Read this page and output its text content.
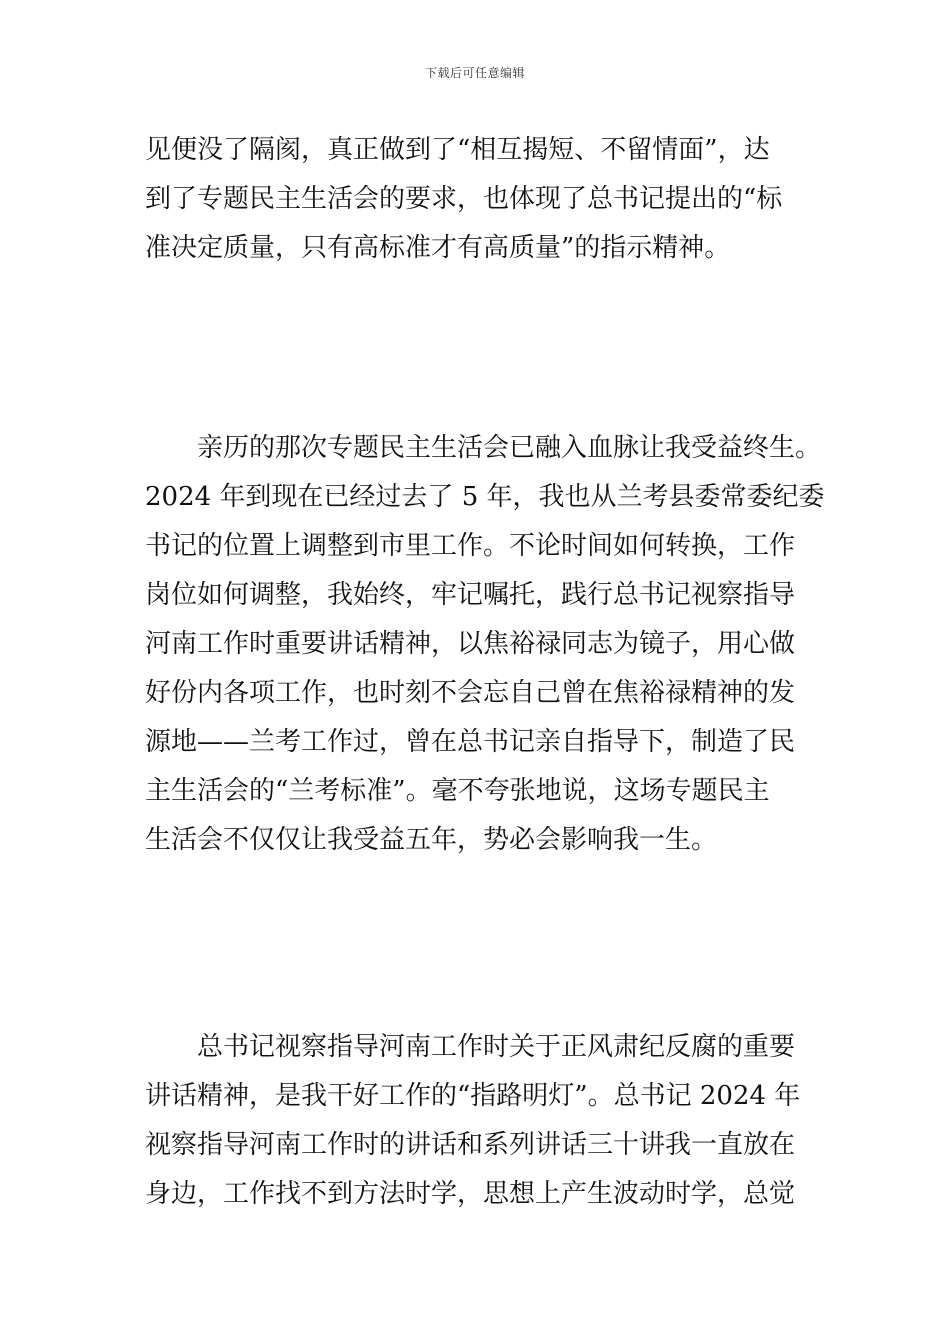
下载后可任意编辑
见便没了隔阂，真正做到了“相互揭短、不留情面”，达
到了专题民主生活会的要求，也体现了总书记提出的“标
准决定质量，只有高标准才有高质量”的指示精神。
亲历的那次专题民主生活会已融入血脉让我受益终生。
2024 年到现在已经过去了 5 年，我也从兰考县委常委纪委
书记的位置上调整到市里工作。不论时间如何转换，工作
岗位如何调整，我始终，牢记嘱托，践行总书记视察指导
河南工作时重要讲话精神，以焦裕禄同志为镜子，用心做
好份内各项工作，也时刻不会忘自己曾在焦裕禄精神的发
源地——兰考工作过，曾在总书记亲自指导下，制造了民
主生活会的“兰考标准”。毫不夸张地说，这场专题民主
生活会不仅仅让我受益五年，势必会影响我一生。
总书记视察指导河南工作时关于正风肃纪反腐的重要
讲话精神，是我干好工作的“指路明灯”。总书记 2024 年
视察指导河南工作时的讲话和系列讲话三十讲我一直放在
身边，工作找不到方法时学，思想上产生波动时学，总觉
